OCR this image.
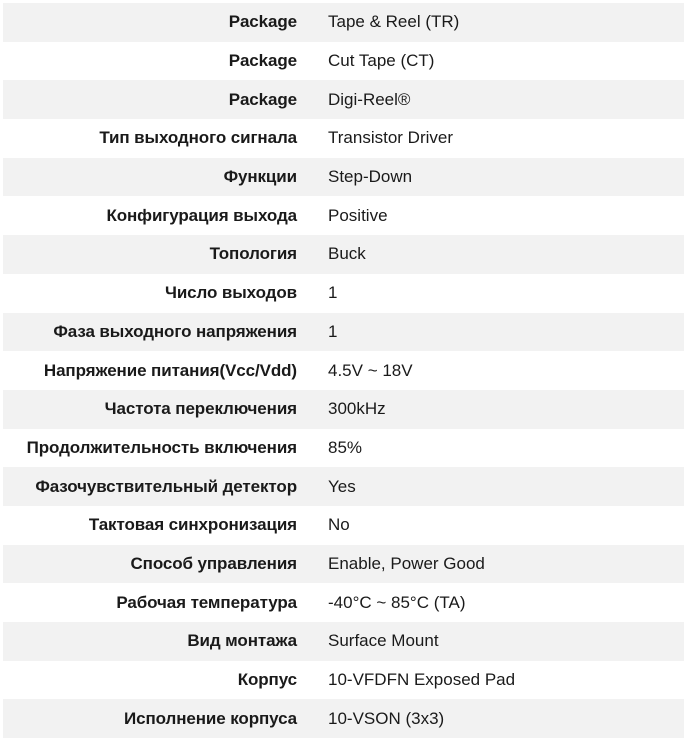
Package	Tape & Reel (TR)
Package	Cut Tape (CT)
Package	Digi-Reel®
Тип выходного сигнала	Transistor Driver
Функции	Step-Down
Конфигурация выхода	Positive
Топология	Buck
Число выходов	1
Фаза выходного напряжения	1
Напряжение питания(Vcc/Vdd)	4.5V ~ 18V
Частота переключения	300kHz
Продолжительность включения	85%
Фазочувствительный детектор	Yes
Тактовая синхронизация	No
Способ управления	Enable, Power Good
Рабочая температура	-40°C ~ 85°C (TA)
Вид монтажа	Surface Mount
Корпус	10-VFDFN Exposed Pad
Исполнение корпуса	10-VSON (3x3)
